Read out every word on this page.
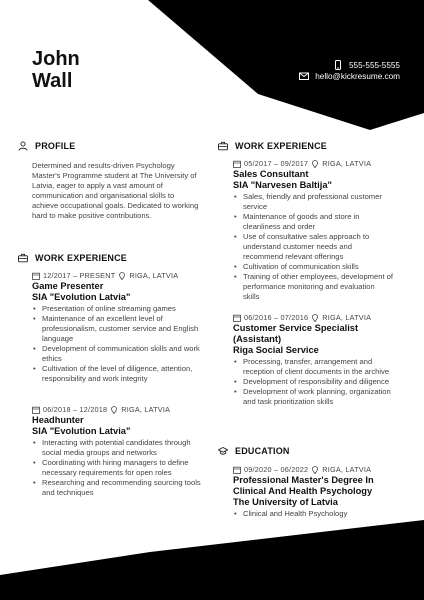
John
Wall
555-555-5555
hello@kickresume.com
PROFILE
Determined and results-driven Psychology Master's Programme student at The University of Latvia, eager to apply a vast amount of communication and organisational skills to achieve occupational goals. Dedicated to working hard to make positive contributions.
WORK EXPERIENCE
12/2017 – PRESENT RIGA, LATVIA
Game Presenter
SIA "Evolution Latvia"
• Presentation of online streaming games
• Maintenance of an excellent level of professionalism, customer service and English language
• Development of communication skills and work ethics
• Cultivation of the level of diligence, attention, responsibility and work integrity
06/2018 – 12/2018 RIGA, LATVIA
Headhunter
SIA "Evolution Latvia"
• Interacting with potential candidates through social media groups and networks
• Coordinating with hiring managers to define necessary requirements for open roles
• Researching and recommending sourcing tools and techniques
WORK EXPERIENCE
05/2017 – 09/2017 RIGA, LATVIA
Sales Consultant
SIA "Narvesen Baltija"
• Sales, friendly and professional customer service
• Maintenance of goods and store in cleanliness and order
• Use of consultative sales approach to understand customer needs and recommend relevant offerings
• Cultivation of communication skills
• Training of other employees, development of performance monitoring and evaluation skills
06/2016 – 07/2016 RIGA, LATVIA
Customer Service Specialist (Assistant)
Riga Social Service
• Processing, transfer, arrangement and reception of client documents in the archive
• Development of responsibility and diligence
• Development of work planning, organization and task prioritization skills
EDUCATION
09/2020 – 06/2022 RIGA, LATVIA
Professional Master's Degree In Clinical And Health Psychology
The University of Latvia
• Clinical and Health Psychology
